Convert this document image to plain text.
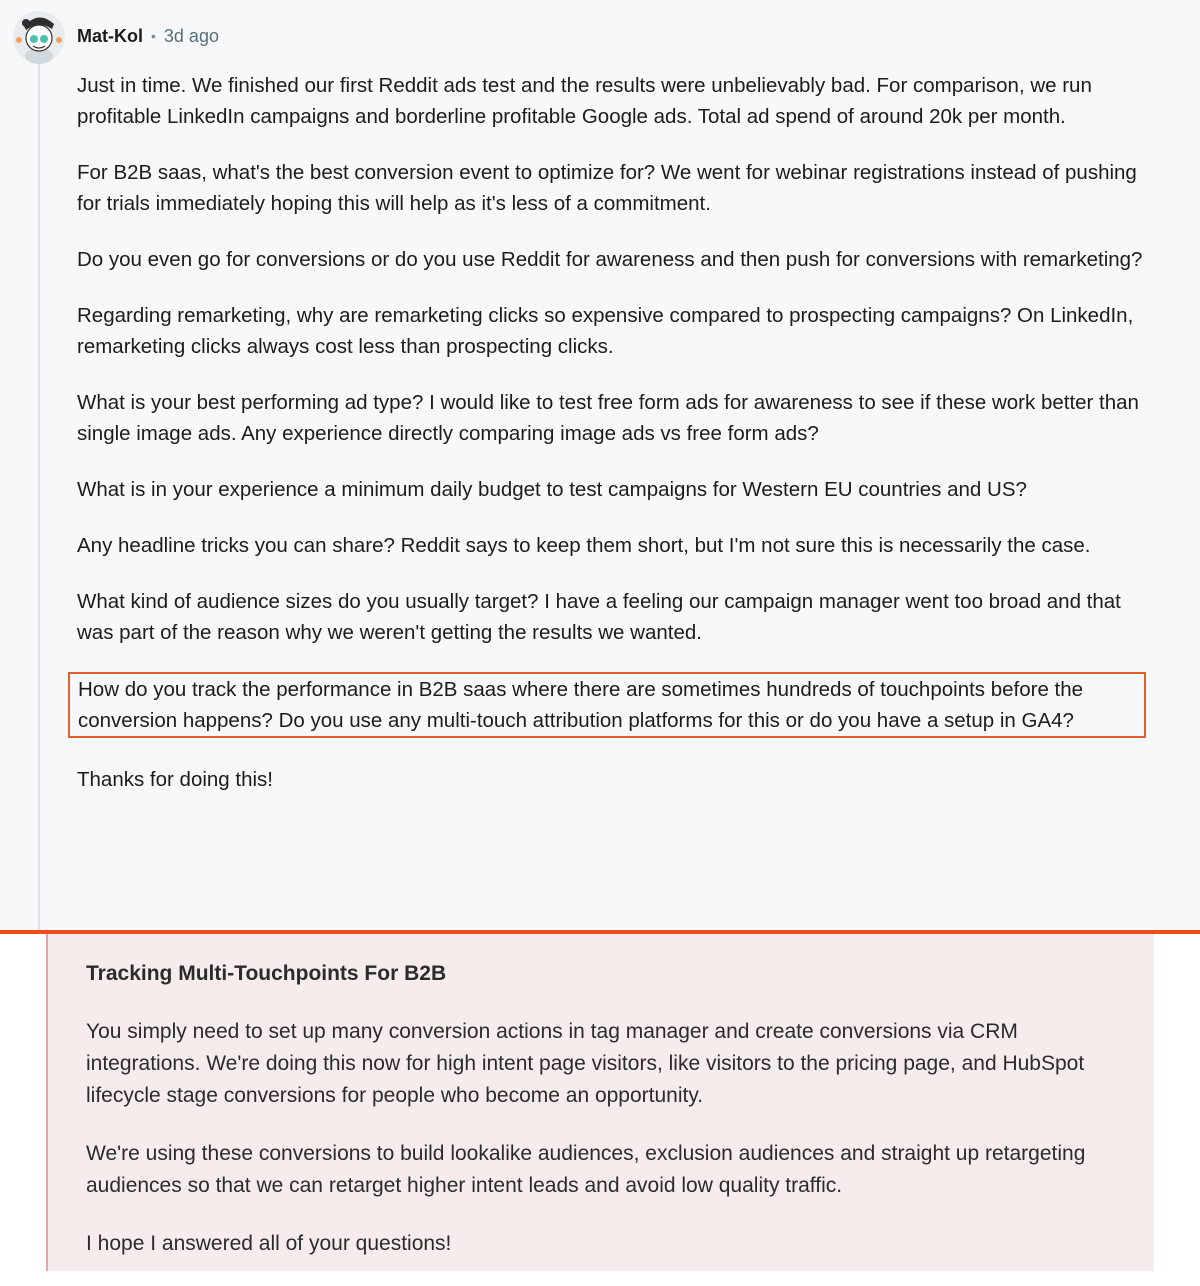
Mat-Kol • 3d ago

Just in time. We finished our first Reddit ads test and the results were unbelievably bad. For comparison, we run profitable LinkedIn campaigns and borderline profitable Google ads. Total ad spend of around 20k per month.

For B2B saas, what's the best conversion event to optimize for? We went for webinar registrations instead of pushing for trials immediately hoping this will help as it's less of a commitment.

Do you even go for conversions or do you use Reddit for awareness and then push for conversions with remarketing?

Regarding remarketing, why are remarketing clicks so expensive compared to prospecting campaigns? On LinkedIn, remarketing clicks always cost less than prospecting clicks.

What is your best performing ad type? I would like to test free form ads for awareness to see if these work better than single image ads. Any experience directly comparing image ads vs free form ads?

What is in your experience a minimum daily budget to test campaigns for Western EU countries and US?

Any headline tricks you can share? Reddit says to keep them short, but I'm not sure this is necessarily the case.

What kind of audience sizes do you usually target? I have a feeling our campaign manager went too broad and that was part of the reason why we weren't getting the results we wanted.

How do you track the performance in B2B saas where there are sometimes hundreds of touchpoints before the conversion happens? Do you use any multi-touch attribution platforms for this or do you have a setup in GA4?

Thanks for doing this!

Tracking Multi-Touchpoints For B2B

You simply need to set up many conversion actions in tag manager and create conversions via CRM integrations. We're doing this now for high intent page visitors, like visitors to the pricing page, and HubSpot lifecycle stage conversions for people who become an opportunity.

We're using these conversions to build lookalike audiences, exclusion audiences and straight up retargeting audiences so that we can retarget higher intent leads and avoid low quality traffic.

I hope I answered all of your questions!
